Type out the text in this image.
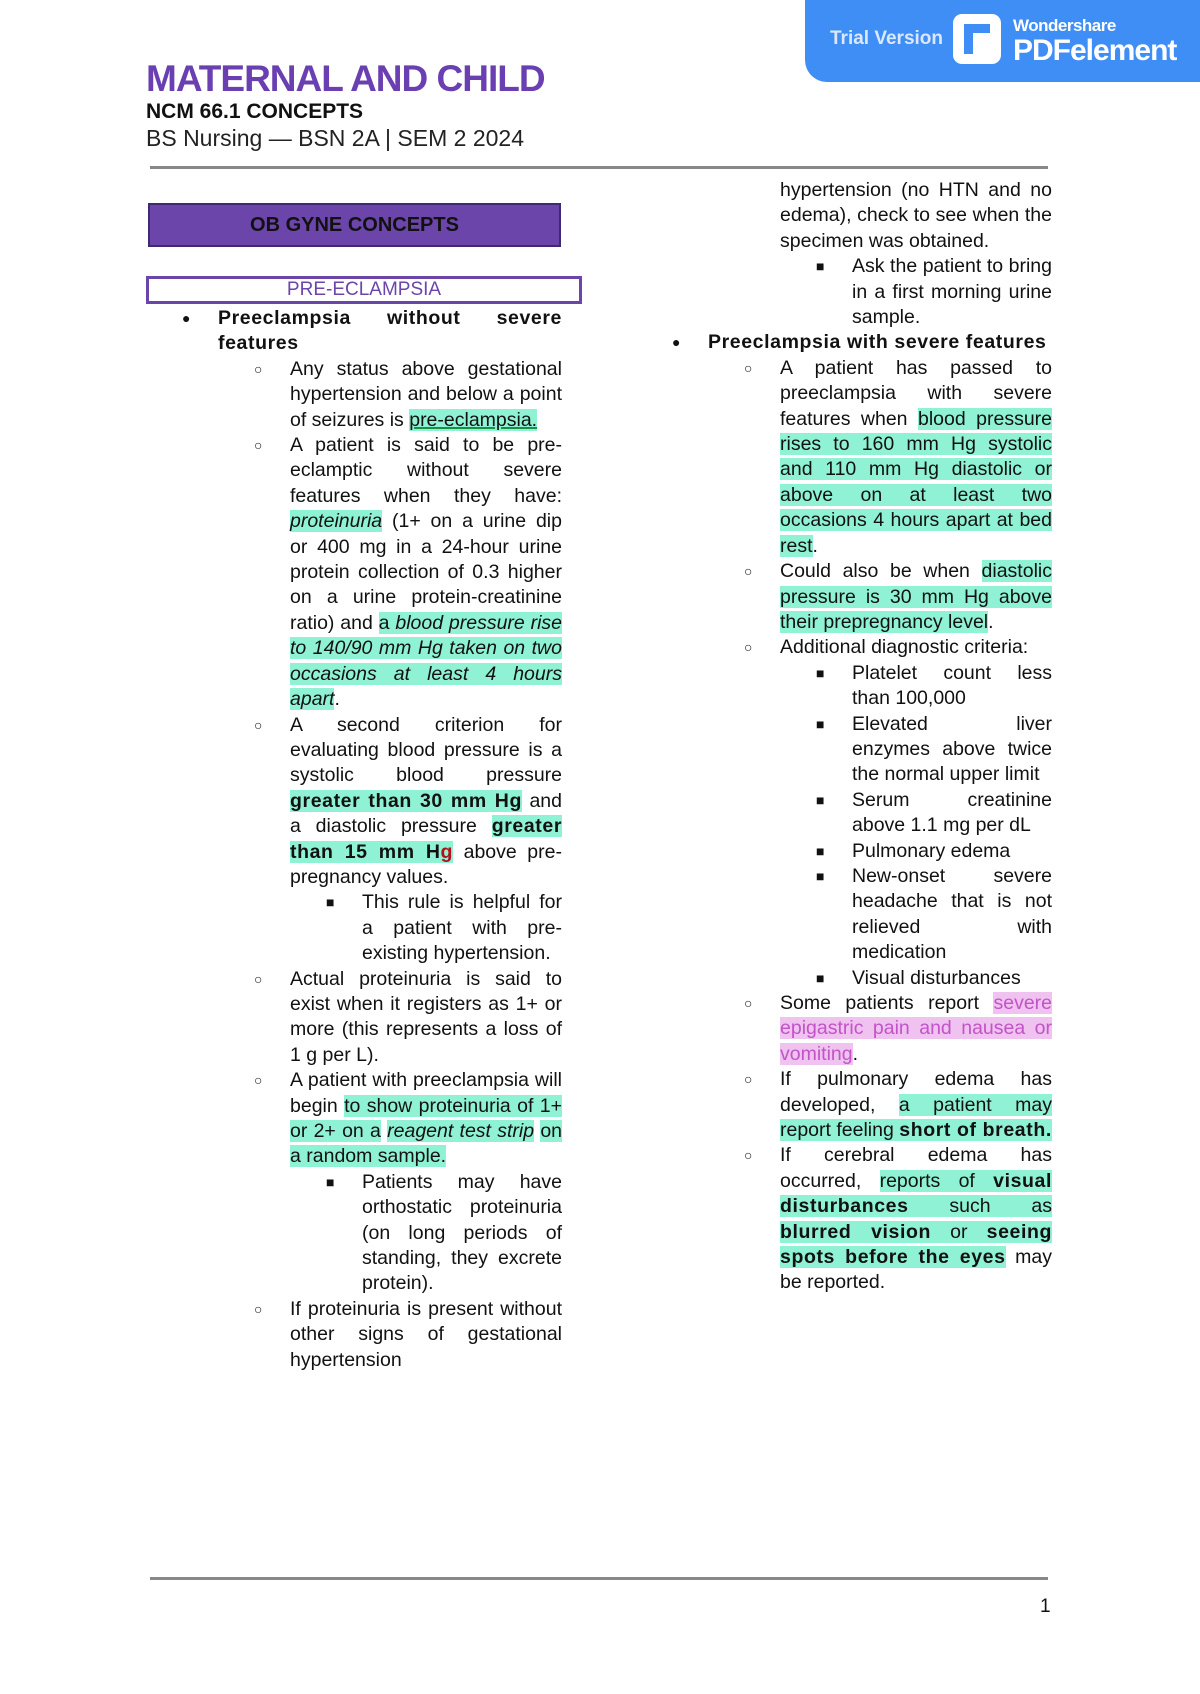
Trial Version
Wondershare
PDFelement
MATERNAL AND CHILD
NCM 66.1 CONCEPTS
BS Nursing — BSN 2A | SEM 2 2024
OB GYNE CONCEPTS
PRE-ECLAMPSIA
● Preeclampsia without severe features

○ Any status above gestational hypertension and below a point of seizures is pre-eclampsia.

○ A patient is said to be pre-eclamptic without severe features when they have: proteinuria (1+ on a urine dip or 400 mg in a 24-hour urine protein collection of 0.3 higher on a urine protein-creatinine ratio) and a blood pressure rise to 140/90 mm Hg taken on two occasions at least 4 hours apart.

○ A second criterion for evaluating blood pressure is a systolic blood pressure greater than 30 mm Hg and a diastolic pressure greater than 15 mm Hg above pre-pregnancy values.

■ This rule is helpful for a patient with pre-existing hypertension.

○ Actual proteinuria is said to exist when it registers as 1+ or more (this represents a loss of 1 g per L).

○ A patient with preeclampsia will begin to show proteinuria of 1+ or 2+ on a reagent test strip on a random sample.

■ Patients may have orthostatic proteinuria (on long periods of standing, they excrete protein).

○ If proteinuria is present without other signs of gestational hypertension

hypertension (no HTN and no edema), check to see when the specimen was obtained.

■ Ask the patient to bring in a first morning urine sample.

● Preeclampsia with severe features

○ A patient has passed to preeclampsia with severe features when blood pressure rises to 160 mm Hg systolic and 110 mm Hg diastolic or above on at least two occasions 4 hours apart at bed rest.

○ Could also be when diastolic pressure is 30 mm Hg above their prepregnancy level.

○ Additional diagnostic criteria:

■ Platelet count less than 100,000

■ Elevated liver enzymes above twice the normal upper limit

■ Serum creatinine above 1.1 mg per dL

■ Pulmonary edema

■ New-onset severe headache that is not relieved with medication

■ Visual disturbances

○ Some patients report severe epigastric pain and nausea or vomiting.

○ If pulmonary edema has developed, a patient may report feeling short of breath.

○ If cerebral edema has occurred, reports of visual disturbances such as blurred vision or seeing spots before the eyes may be reported.

1
